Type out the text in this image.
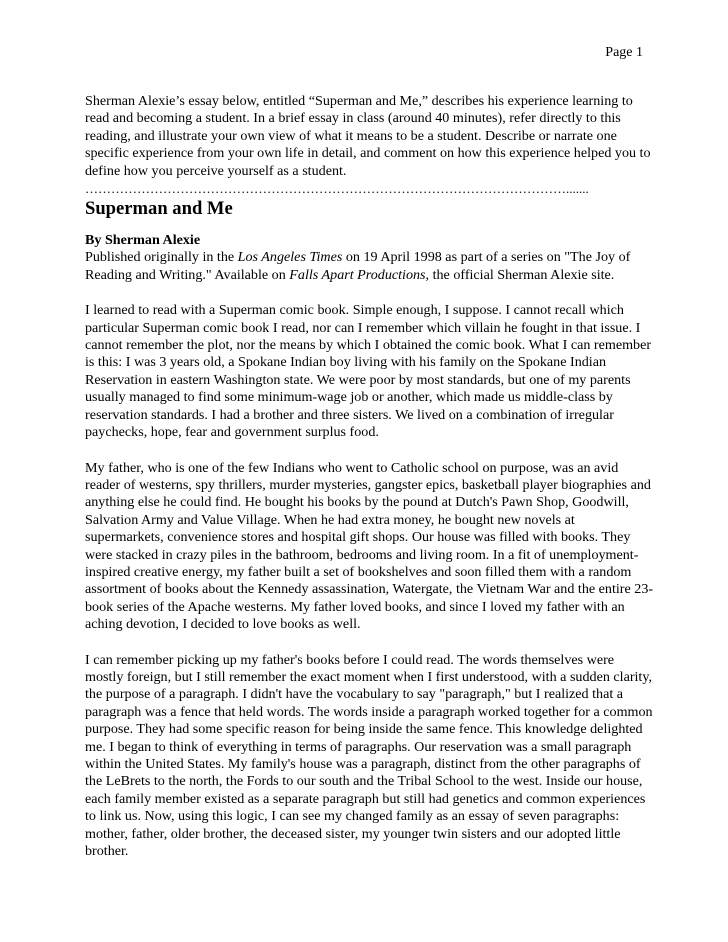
Page 1

Sherman Alexie’s essay below, entitled “Superman and Me,” describes his experience learning to read and becoming a student. In a brief essay in class (around 40 minutes), refer directly to this reading, and illustrate your own view of what it means to be a student. Describe or narrate one specific experience from your own life in detail, and comment on how this experience helped you to define how you perceive yourself as a student.

………………………………………………………………………………………………….......
Superman and Me

By Sherman Alexie
Published originally in the Los Angeles Times on 19 April 1998 as part of a series on "The Joy of Reading and Writing." Available on Falls Apart Productions, the official Sherman Alexie site.

I learned to read with a Superman comic book. Simple enough, I suppose. I cannot recall which particular Superman comic book I read, nor can I remember which villain he fought in that issue. I cannot remember the plot, nor the means by which I obtained the comic book. What I can remember is this: I was 3 years old, a Spokane Indian boy living with his family on the Spokane Indian Reservation in eastern Washington state. We were poor by most standards, but one of my parents usually managed to find some minimum-wage job or another, which made us middle-class by reservation standards. I had a brother and three sisters. We lived on a combination of irregular paychecks, hope, fear and government surplus food.

My father, who is one of the few Indians who went to Catholic school on purpose, was an avid reader of westerns, spy thrillers, murder mysteries, gangster epics, basketball player biographies and anything else he could find. He bought his books by the pound at Dutch's Pawn Shop, Goodwill, Salvation Army and Value Village. When he had extra money, he bought new novels at supermarkets, convenience stores and hospital gift shops. Our house was filled with books. They were stacked in crazy piles in the bathroom, bedrooms and living room. In a fit of unemployment-inspired creative energy, my father built a set of bookshelves and soon filled them with a random assortment of books about the Kennedy assassination, Watergate, the Vietnam War and the entire 23-book series of the Apache westerns. My father loved books, and since I loved my father with an aching devotion, I decided to love books as well.

I can remember picking up my father's books before I could read. The words themselves were mostly foreign, but I still remember the exact moment when I first understood, with a sudden clarity, the purpose of a paragraph. I didn't have the vocabulary to say "paragraph," but I realized that a paragraph was a fence that held words. The words inside a paragraph worked together for a common purpose. They had some specific reason for being inside the same fence. This knowledge delighted me. I began to think of everything in terms of paragraphs. Our reservation was a small paragraph within the United States. My family's house was a paragraph, distinct from the other paragraphs of the LeBrets to the north, the Fords to our south and the Tribal School to the west. Inside our house, each family member existed as a separate paragraph but still had genetics and common experiences to link us. Now, using this logic, I can see my changed family as an essay of seven paragraphs: mother, father, older brother, the deceased sister, my younger twin sisters and our adopted little brother.
